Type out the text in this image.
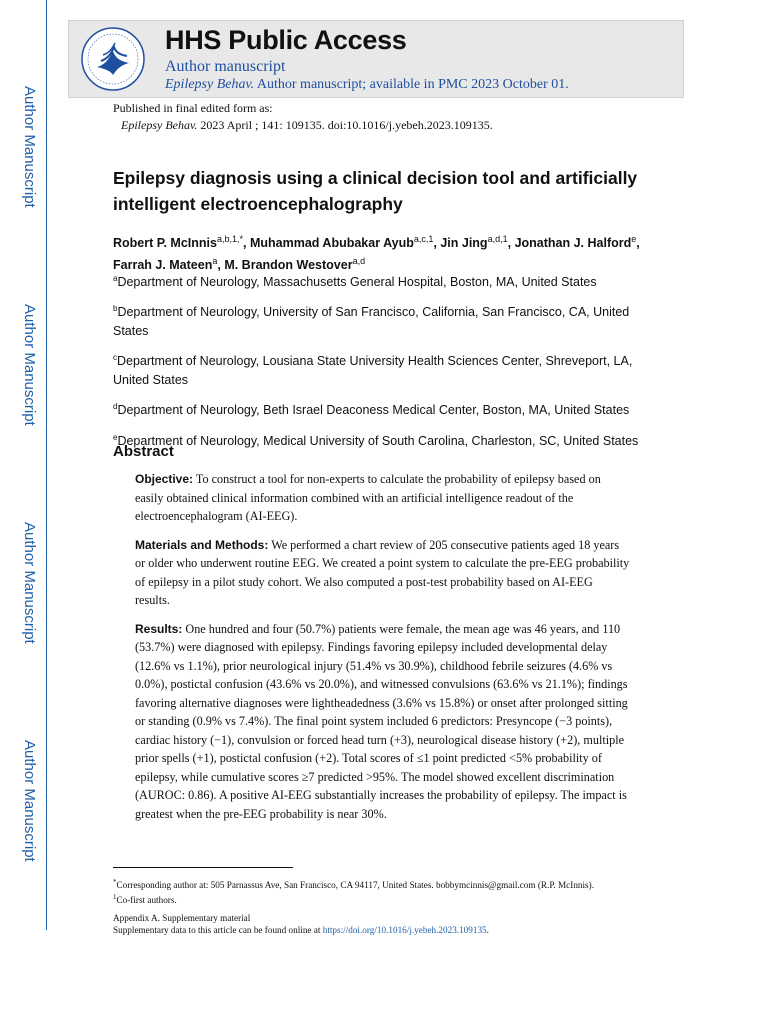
Author Manuscript
Author Manuscript
Author Manuscript
Author Manuscript
HHS Public Access
Author manuscript
Epilepsy Behav. Author manuscript; available in PMC 2023 October 01.
Published in final edited form as:
Epilepsy Behav. 2023 April ; 141: 109135. doi:10.1016/j.yebeh.2023.109135.
Epilepsy diagnosis using a clinical decision tool and artificially intelligent electroencephalography
Robert P. McInnis$^{a,b,1,*}$, Muhammad Abubakar Ayub$^{a,c,1}$, Jin Jing$^{a,d,1}$, Jonathan J. Halford$^e$, Farrah J. Mateen$^a$, M. Brandon Westover$^{a,d}$
$^a$Department of Neurology, Massachusetts General Hospital, Boston, MA, United States
$^b$Department of Neurology, University of San Francisco, California, San Francisco, CA, United States
$^c$Department of Neurology, Lousiana State University Health Sciences Center, Shreveport, LA, United States
$^d$Department of Neurology, Beth Israel Deaconess Medical Center, Boston, MA, United States
$^e$Department of Neurology, Medical University of South Carolina, Charleston, SC, United States
Abstract

Objective: To construct a tool for non-experts to calculate the probability of epilepsy based on easily obtained clinical information combined with an artificial intelligence readout of the electroencephalogram (AI-EEG).

Materials and Methods: We performed a chart review of 205 consecutive patients aged 18 years or older who underwent routine EEG. We created a point system to calculate the pre-EEG probability of epilepsy in a pilot study cohort. We also computed a post-test probability based on AI-EEG results.

Results: One hundred and four (50.7%) patients were female, the mean age was 46 years, and 110 (53.7%) were diagnosed with epilepsy. Findings favoring epilepsy included developmental delay (12.6% vs 1.1%), prior neurological injury (51.4% vs 30.9%), childhood febrile seizures (4.6% vs 0.0%), postictal confusion (43.6% vs 20.0%), and witnessed convulsions (63.6% vs 21.1%); findings favoring alternative diagnoses were lightheadedness (3.6% vs 15.8%) or onset after prolonged sitting or standing (0.9% vs 7.4%). The final point system included 6 predictors: Presyncope (−3 points), cardiac history (−1), convulsion or forced head turn (+3), neurological disease history (+2), multiple prior spells (+1), postictal confusion (+2). Total scores of ≤1 point predicted <5% probability of epilepsy, while cumulative scores ≥7 predicted >95%. The model showed excellent discrimination (AUROC: 0.86). A positive AI-EEG substantially increases the probability of epilepsy. The impact is greatest when the pre-EEG probability is near 30%.

*Corresponding author at: 505 Parnassus Ave, San Francisco, CA 94117, United States. bobbymcinnis@gmail.com (R.P. McInnis).
$^1$Co-first authors.
Appendix A. Supplementary material
Supplementary data to this article can be found online at https://doi.org/10.1016/j.yebeh.2023.109135.
